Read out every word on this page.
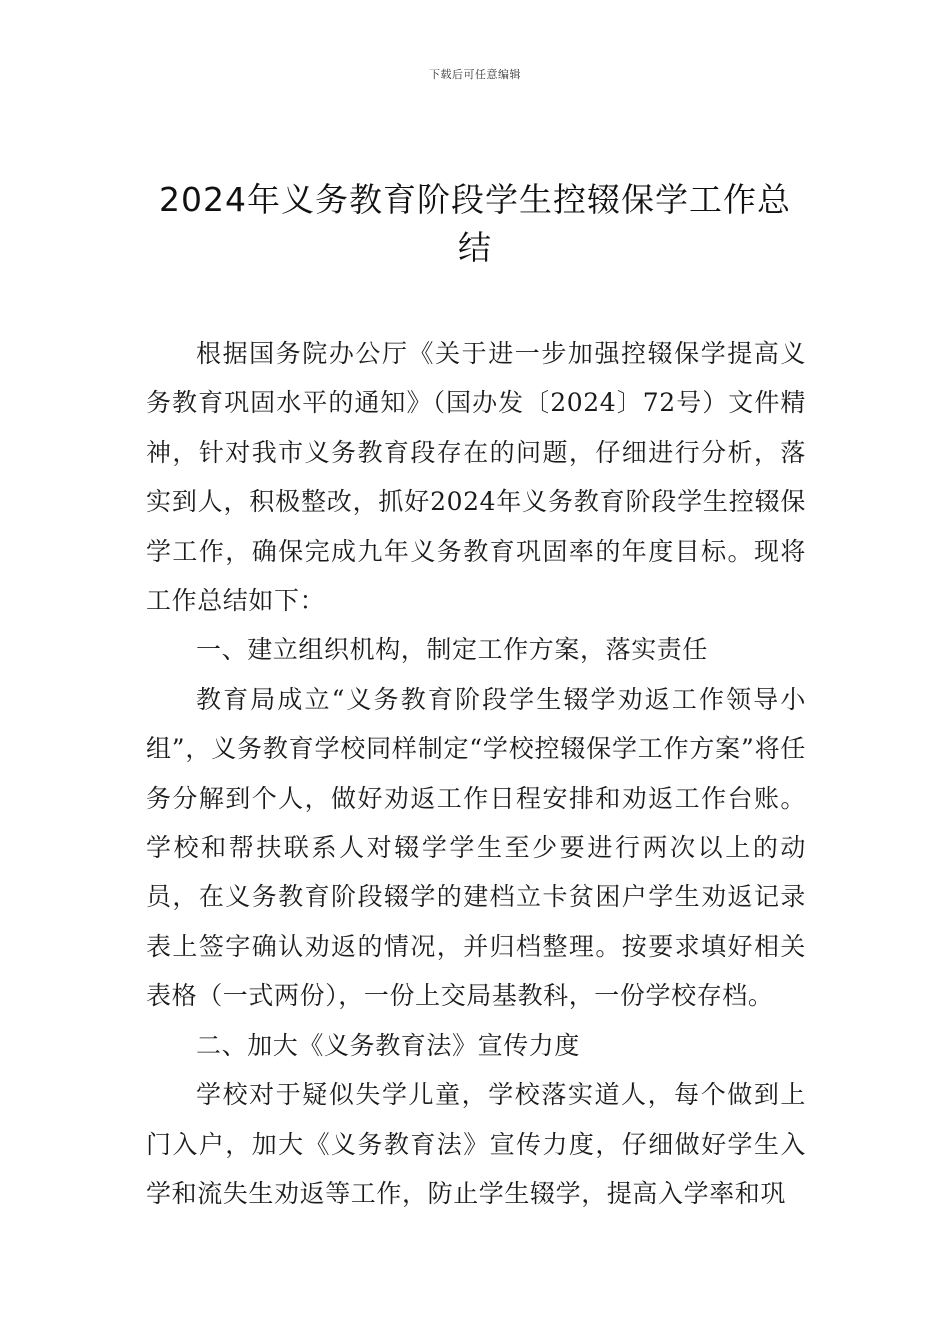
下载后可任意编辑
2024年义务教育阶段学生控辍保学工作总结

根据国务院办公厅《关于进一步加强控辍保学提高义务教育巩固水平的通知》（国办发〔2024〕72号）文件精神，针对我市义务教育段存在的问题，仔细进行分析，落实到人，积极整改，抓好2024年义务教育阶段学生控辍保学工作，确保完成九年义务教育巩固率的年度目标。现将工作总结如下：

一、建立组织机构，制定工作方案，落实责任

教育局成立“义务教育阶段学生辍学劝返工作领导小组”，义务教育学校同样制定“学校控辍保学工作方案”将任务分解到个人，做好劝返工作日程安排和劝返工作台账。学校和帮扶联系人对辍学学生至少要进行两次以上的动员，在义务教育阶段辍学的建档立卡贫困户学生劝返记录表上签字确认劝返的情况，并归档整理。按要求填好相关表格（一式两份），一份上交局基教科，一份学校存档。

二、加大《义务教育法》宣传力度

学校对于疑似失学儿童，学校落实道人，每个做到上门入户，加大《义务教育法》宣传力度，仔细做好学生入学和流失生劝返等工作，防止学生辍学，提高入学率和巩
